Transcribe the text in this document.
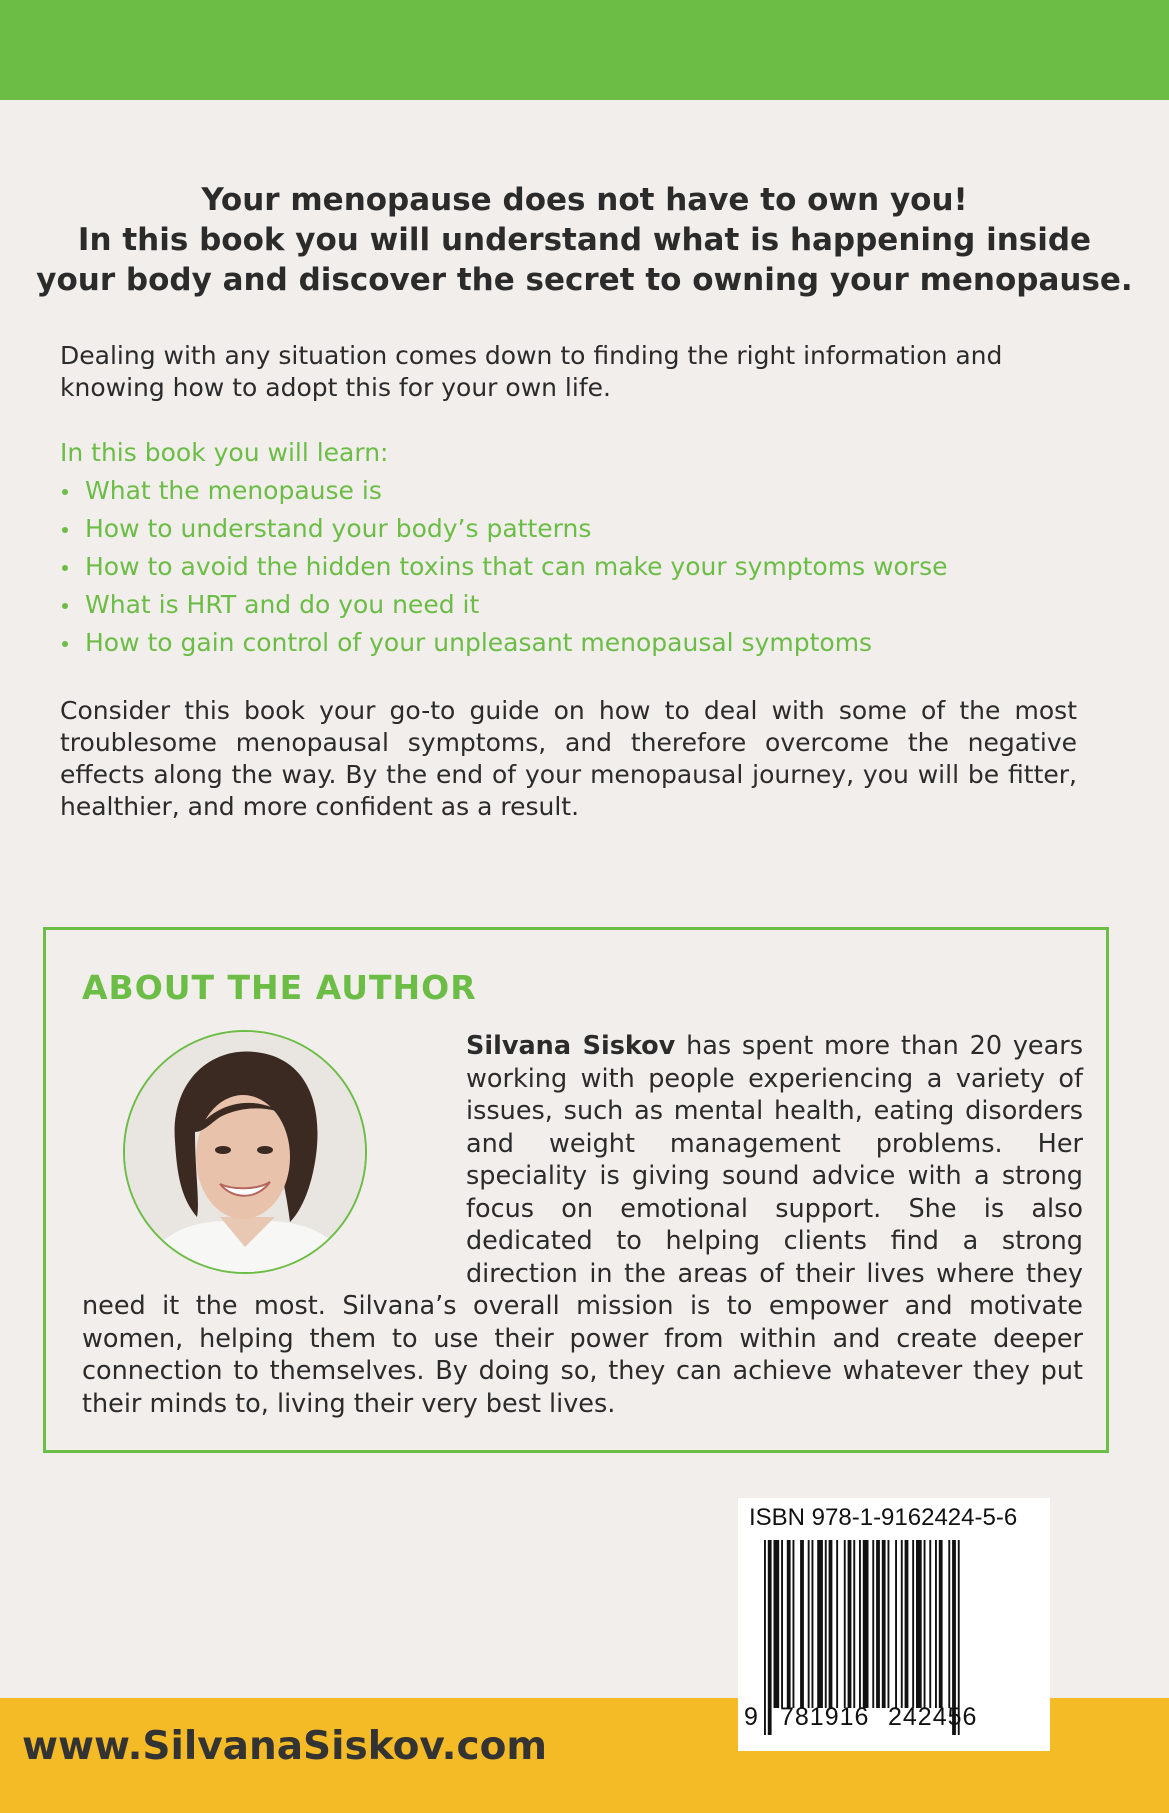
Your menopause does not have to own you!
In this book you will understand what is happening inside
your body and discover the secret to owning your menopause.
Dealing with any situation comes down to finding the right information and knowing how to adopt this for your own life.
In this book you will learn:
What the menopause is
How to understand your body’s patterns
How to avoid the hidden toxins that can make your symptoms worse
What is HRT and do you need it
How to gain control of your unpleasant menopausal symptoms
Consider this book your go-to guide on how to deal with some of the most troublesome menopausal symptoms, and therefore overcome the negative effects along the way. By the end of your menopausal journey, you will be fitter, healthier, and more confident as a result.
ABOUT THE AUTHOR
Silvana Siskov has spent more than 20 years working with people experiencing a variety of issues, such as mental health, eating disorders and weight management problems. Her speciality is giving sound advice with a strong focus on emotional support. She is also dedicated to helping clients find a strong direction in the areas of their lives where they need it the most. Silvana’s overall mission is to empower and motivate women, helping them to use their power from within and create deeper connection to themselves. By doing so, they can achieve whatever they put their minds to, living their very best lives.
www.SilvanaSiskov.com
ISBN 978-1-9162424-5-6
9 781916 242456
